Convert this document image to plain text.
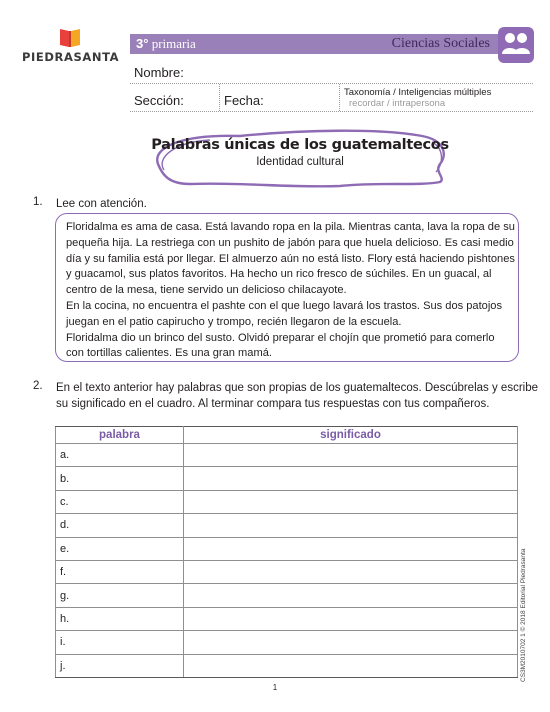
PIEDRASANTA
3° primaria	Ciencias Sociales
Nombre:
Sección:	Fecha:
Taxonomía / Inteligencias múltiples
recordar / intrapersona
Palabras únicas de los guatemaltecos
Identidad cultural
1. Lee con atención.

Floridalma es ama de casa. Está lavando ropa en la pila. Mientras canta, lava la ropa de su

pequeña hija. La restriega con un pushito de jabón para que huela delicioso. Es casi medio

día y su familia está por llegar. El almuerzo aún no está listo. Flory está haciendo pishtones

y guacamol, sus platos favoritos. Ha hecho un rico fresco de súchiles. En un guacal, al

centro de la mesa, tiene servido un delicioso chilacayote.

En la cocina, no encuentra el pashte con el que luego lavará los trastos. Sus dos patojos

juegan en el patio capirucho y trompo, recién llegaron de la escuela.

Floridalma dio un brinco del susto. Olvidó preparar el chojín que prometió para comerlo

con tortillas calientes. Es una gran mamá.

2. En el texto anterior hay palabras que son propias de los guatemaltecos. Descúbrelas y escribe
su significado en el cuadro. Al terminar compara tus respuestas con tus compañeros.
palabra	significado
a.	
b.	
c.	
d.	
e.	
f.	
g.	
h.	
i.	
j.		CS3M2010702 1 © 2018 Editorial Piedrasanta
1
